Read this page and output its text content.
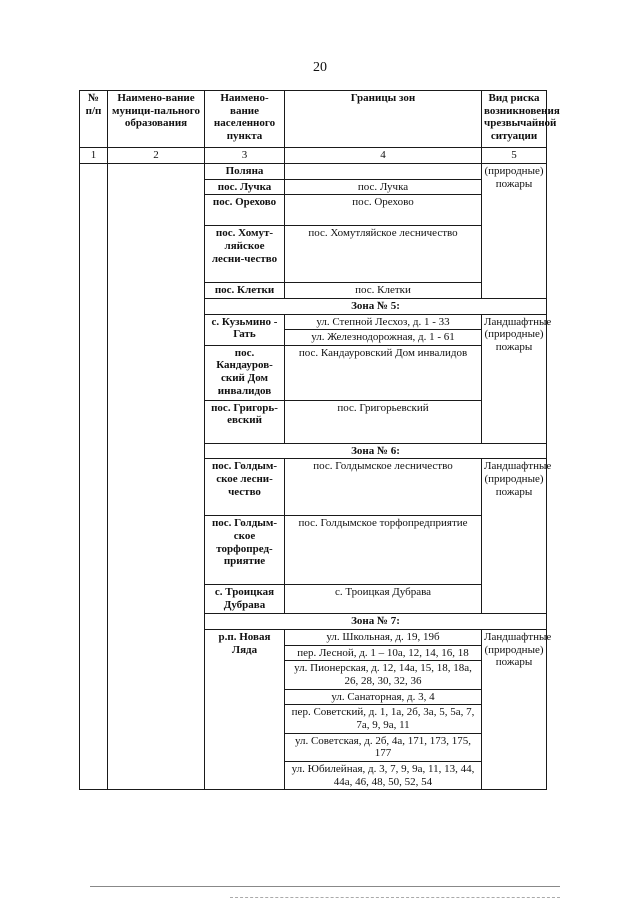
20
№ п/п	Наимено-вание муници-пального образования	Наимено-вание населенного пункта	Границы зон	Вид риска возникновения чрезвычайной ситуации
1	2	3	4	5
		Поляна		(природные) пожары
		пос. Лучка	пос. Лучка	
		пос. Орехово	пос. Орехово	
		пос. Хомут-ляйское лесни-чество	пос. Хомутляйское лесничество	
		пос. Клетки	пос. Клетки	
		Зона № 5:		
		с. Кузьмино - Гать	ул. Степной Лесхоз, д. 1 - 33	Ландшафтные (природные) пожары
			ул. Железнодорожная, д. 1 - 61	
		пос. Кандауров-ский Дом инвалидов	пос. Кандауровский Дом инвалидов	
		пос. Григорь-евский	пос. Григорьевский	
		Зона № 6:		
		пос. Голдым-ское лесни-чество	пос. Голдымское лесничество	Ландшафтные (природные) пожары
		пос. Голдым-ское торфопред-приятие	пос. Голдымское торфопредприятие	
		с. Троицкая Дубрава	с. Троицкая Дубрава	
		Зона № 7:		
		р.п. Новая Ляда	ул. Школьная, д. 19, 19б	Ландшафтные (природные) пожары
			пер. Лесной, д. 1 – 10а, 12, 14, 16, 18	
			ул. Пионерская, д. 12, 14а, 15, 18, 18а, 26, 28, 30, 32, 36	
			ул. Санаторная, д. 3, 4	
			пер. Советский, д. 1, 1а, 2б, 3а, 5, 5а, 7, 7а, 9, 9а, 11	
			ул. Советская, д. 2б, 4а, 171, 173, 175, 177	
			ул. Юбилейная, д. 3, 7, 9, 9а, 11, 13, 44, 44а, 46, 48, 50, 52, 54	
